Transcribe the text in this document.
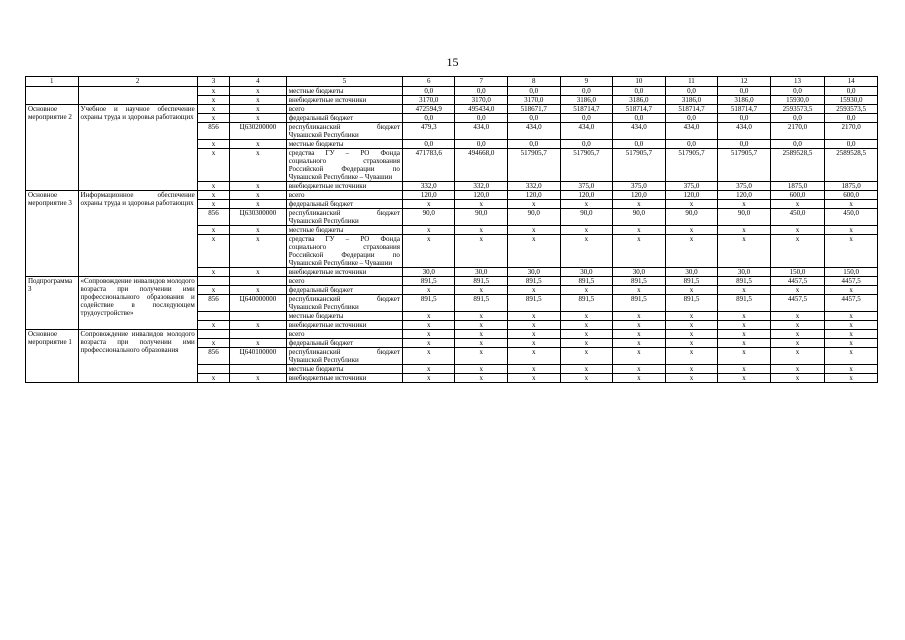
15
1	2	3	4	5	6	7	8	9	10	11	12	13	14
		x	x	местные бюджеты	0,0	0,0	0,0	0,0	0,0	0,0	0,0	0,0	0,0
		x	x	внебюджетные источники	3170,0	3170,0	3170,0	3186,0	3186,0	3186,0	3186,0	15930,0	15930,0
Основное мероприятие 2	Учебное и научное обеспечение охраны труда и здоровья работающих	x	x	всего	472594,9	495434,0	518671,7	518714,7	518714,7	518714,7	518714,7	2593573,5	2593573,5
		x	x	федеральный бюджет	0,0	0,0	0,0	0,0	0,0	0,0	0,0	0,0	0,0
		856	Ц630200000	республиканский бюджет Чувашской Республики	479,3	434,0	434,0	434,0	434,0	434,0	434,0	2170,0	2170,0
		x	x	местные бюджеты	0,0	0,0	0,0	0,0	0,0	0,0	0,0	0,0	0,0
		x	x	средства ГУ – РО Фонда социального страхования Российской Федерации по Чувашской Республике – Чувашии	471783,6	494668,0	517905,7	517905,7	517905,7	517905,7	517905,7	2589528,5	2589528,5
		x	x	внебюджетные источники	332,0	332,0	332,0	375,0	375,0	375,0	375,0	1875,0	1875,0
Основное мероприятие 3	Информационное обеспечение охраны труда и здоровья работающих	x	x	всего	120,0	120,0	120,0	120,0	120,0	120,0	120,0	600,0	600,0
		x	x	федеральный бюджет	x	x	x	x	x	x	x	x	x
		856	Ц630300000	республиканский бюджет Чувашской Республики	90,0	90,0	90,0	90,0	90,0	90,0	90,0	450,0	450,0
		x	x	местные бюджеты	x	x	x	x	x	x	x	x	x
		x	x	средства ГУ – РО Фонда социального страхования Российской Федерации по Чувашской Республике – Чувашии	x	x	x	x	x	x	x	x	x
		x	x	внебюджетные источники	30,0	30,0	30,0	30,0	30,0	30,0	30,0	150,0	150,0
Подпрограмма 3	«Сопровождение инвалидов молодого возраста при получении ими профессионального образования и содействие в последующем трудоустройстве»			всего	891,5	891,5	891,5	891,5	891,5	891,5	891,5	4457,5	4457,5
		x	x	федеральный бюджет	x	x	x	x	x	x	x	x	x
		856	Ц640000000	республиканский бюджет Чувашской Республики	891,5	891,5	891,5	891,5	891,5	891,5	891,5	4457,5	4457,5
				местные бюджеты	x	x	x	x	x	x	x	x	x
		x	x	внебюджетные источники	x	x	x	x	x	x	x	x	x
Основное мероприятие 1	Сопровождение инвалидов молодого возраста при получении ими профессионального образования			всего	x	x	x	x	x	x	x	x	x
		x	x	федеральный бюджет	x	x	x	x	x	x	x	x	x
		856	Ц640100000	республиканский бюджет Чувашской Республики	x	x	x	x	x	x	x	x	x
				местные бюджеты	x	x	x	x	x	x	x	x	x
		x	x	внебюджетные источники	x	x	x	x	x	x	x	x	x
